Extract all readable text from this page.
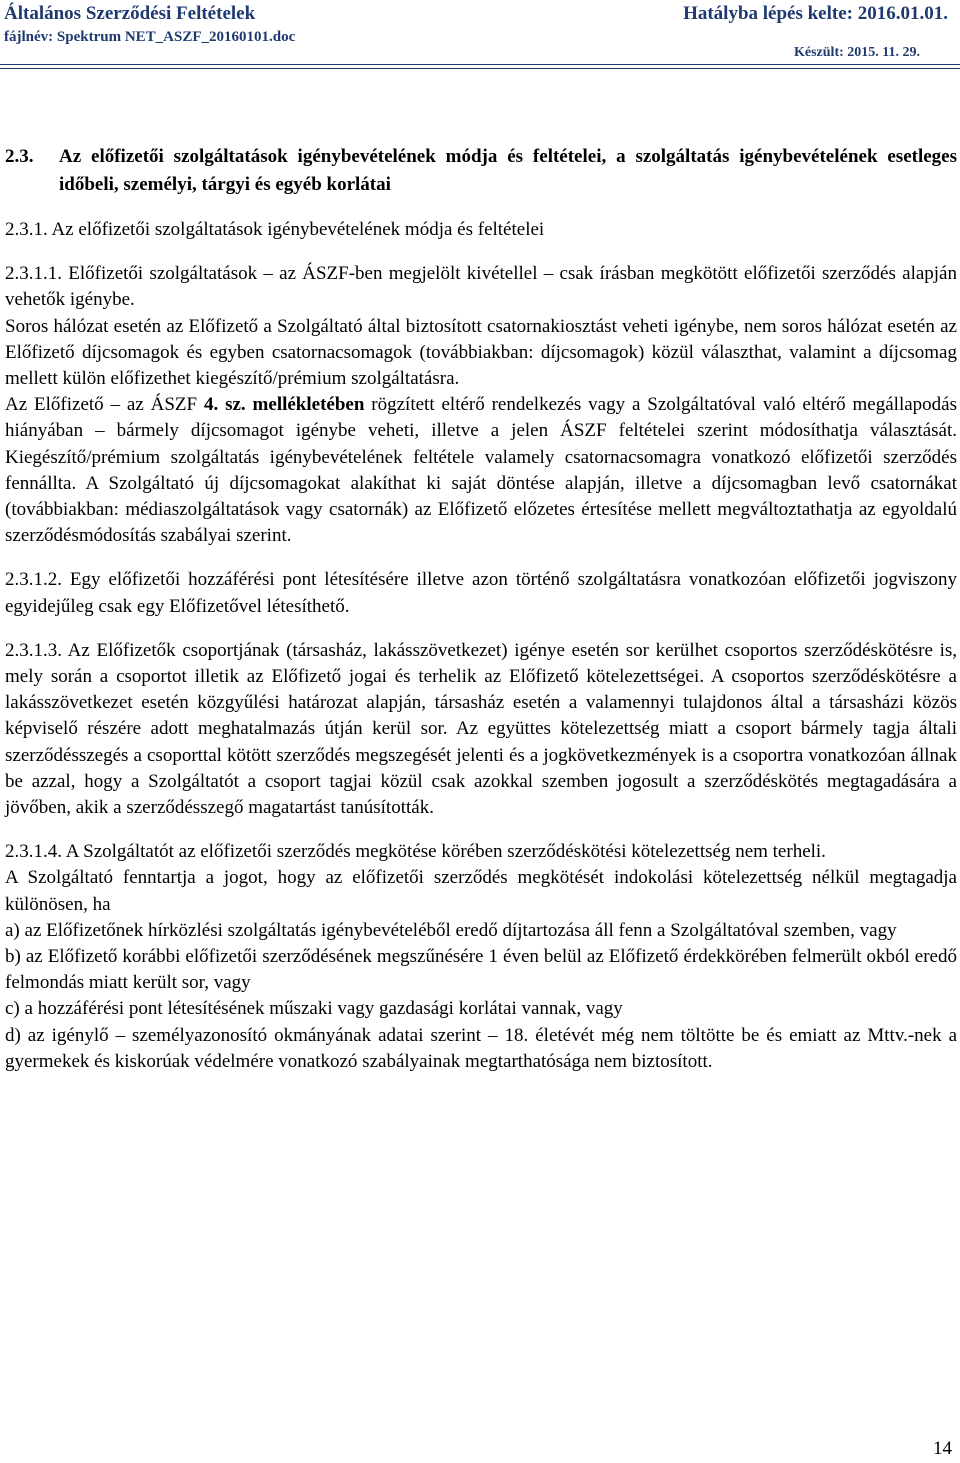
Általános Szerződési Feltételek
fájlnév: Spektrum NET_ASZF_20160101.doc
Hatályba lépés kelte: 2016.01.01.
Készült: 2015. 11. 29.
2.3.	Az előfizetői szolgáltatások igénybevételének módja és feltételei, a szolgáltatás igénybevételének esetleges időbeli, személyi, tárgyi és egyéb korlátai

2.3.1. Az előfizetői szolgáltatások igénybevételének módja és feltételei

2.3.1.1. Előfizetői szolgáltatások – az ÁSZF-ben megjelölt kivétellel – csak írásban megkötött előfizetői szerződés alapján vehetők igénybe.

Soros hálózat esetén az Előfizető a Szolgáltató által biztosított csatornakiosztást veheti igénybe, nem soros hálózat esetén az Előfizető díjcsomagok és egyben csatornacsomagok (továbbiakban: díjcsomagok) közül választhat, valamint a díjcsomag mellett külön előfizethet kiegészítő/prémium szolgáltatásra.

Az Előfizető – az ÁSZF 4. sz. mellékletében rögzített eltérő rendelkezés vagy a Szolgáltatóval való eltérő megállapodás hiányában – bármely díjcsomagot igénybe veheti, illetve a jelen ÁSZF feltételei szerint módosíthatja választását. Kiegészítő/prémium szolgáltatás igénybevételének feltétele valamely csatornacsomagra vonatkozó előfizetői szerződés fennállta. A Szolgáltató új díjcsomagokat alakíthat ki saját döntése alapján, illetve a díjcsomagban levő csatornákat (továbbiakban: médiaszolgáltatások vagy csatornák) az Előfizető előzetes értesítése mellett megváltoztathatja az egyoldalú szerződésmódosítás szabályai szerint.

2.3.1.2. Egy előfizetői hozzáférési pont létesítésére illetve azon történő szolgáltatásra vonatkozóan előfizetői jogviszony egyidejűleg csak egy Előfizetővel létesíthető.

2.3.1.3. Az Előfizetők csoportjának (társasház, lakásszövetkezet) igénye esetén sor kerülhet csoportos szerződéskötésre is, mely során a csoportot illetik az Előfizető jogai és terhelik az Előfizető kötelezettségei. A csoportos szerződéskötésre a lakásszövetkezet esetén közgyűlési határozat alapján, társasház esetén a valamennyi tulajdonos által a társasházi közös képviselő részére adott meghatalmazás útján kerül sor. Az együttes kötelezettség miatt a csoport bármely tagja általi szerződésszegés a csoporttal kötött szerződés megszegését jelenti és a jogkövetkezmények is a csoportra vonatkozóan állnak be azzal, hogy a Szolgáltatót a csoport tagjai közül csak azokkal szemben jogosult a szerződéskötés megtagadására a jövőben, akik a szerződésszegő magatartást tanúsították.

2.3.1.4. A Szolgáltatót az előfizetői szerződés megkötése körében szerződéskötési kötelezettség nem terheli.

A Szolgáltató fenntartja a jogot, hogy az előfizetői szerződés megkötését indokolási kötelezettség nélkül megtagadja különösen, ha

a) az Előfizetőnek hírközlési szolgáltatás igénybevételéből eredő díjtartozása áll fenn a Szolgáltatóval szemben, vagy

b) az Előfizető korábbi előfizetői szerződésének megszűnésére 1 éven belül az Előfizető érdekkörében felmerült okból eredő felmondás miatt került sor, vagy

c) a hozzáférési pont létesítésének műszaki vagy gazdasági korlátai vannak, vagy

d) az igénylő – személyazonosító okmányának adatai szerint – 18. életévét még nem töltötte be és emiatt az Mttv.-nek a gyermekek és kiskorúak védelmére vonatkozó szabályainak megtarthatósága nem biztosított.

14
